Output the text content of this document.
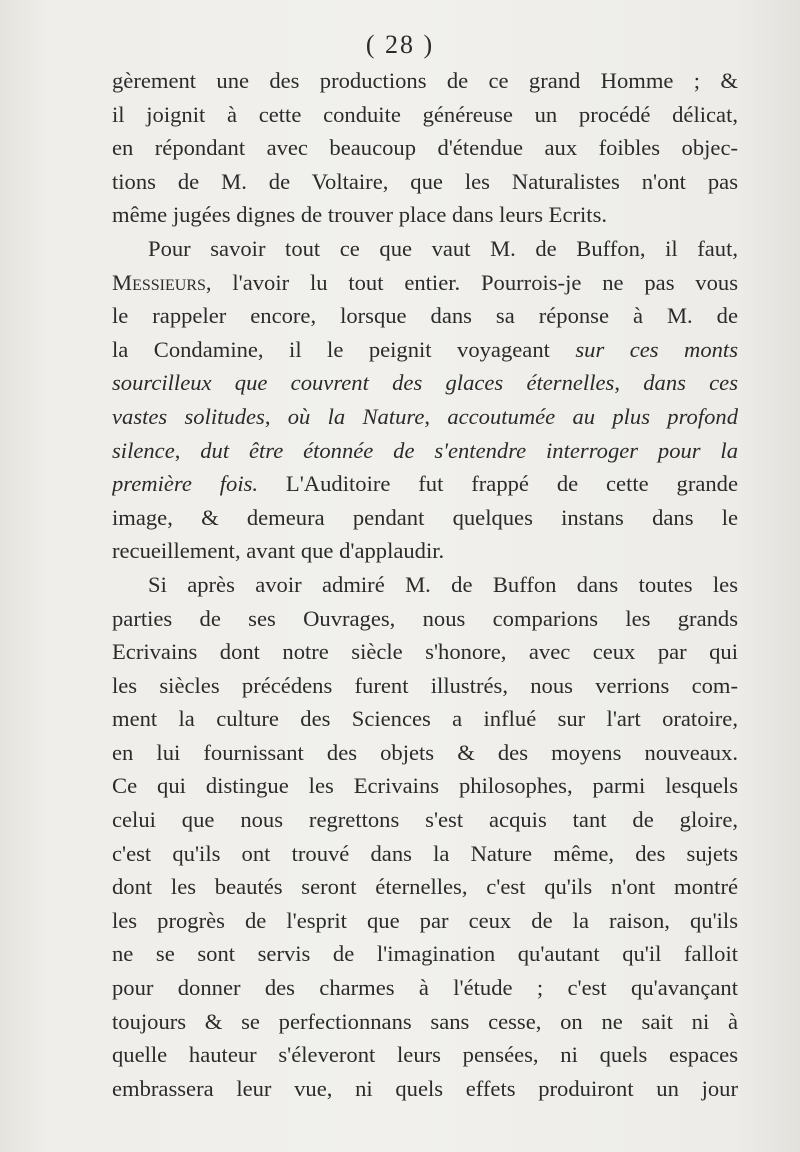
( 28 )
gèrement une des productions de ce grand Homme ; &
il joignit à cette conduite généreuse un procédé délicat,
en répondant avec beaucoup d'étendue aux foibles objec-
tions de M. de Voltaire, que les Naturalistes n'ont pas
même jugées dignes de trouver place dans leurs Ecrits.
Pour savoir tout ce que vaut M. de Buffon, il faut,
Messieurs, l'avoir lu tout entier. Pourrois-je ne pas vous
le rappeler encore, lorsque dans sa réponse à M. de
la Condamine, il le peignit voyageant sur ces monts
sourcilleux que couvrent des glaces éternelles, dans ces
vastes solitudes, où la Nature, accoutumée au plus profond
silence, dut être étonnée de s'entendre interroger pour la
première fois. L'Auditoire fut frappé de cette grande
image, & demeura pendant quelques instans dans le
recueillement, avant que d'applaudir.
Si après avoir admiré M. de Buffon dans toutes les
parties de ses Ouvrages, nous comparions les grands
Ecrivains dont notre siècle s'honore, avec ceux par qui
les siècles précédens furent illustrés, nous verrions com-
ment la culture des Sciences a influé sur l'art oratoire,
en lui fournissant des objets & des moyens nouveaux.
Ce qui distingue les Ecrivains philosophes, parmi lesquels
celui que nous regrettons s'est acquis tant de gloire,
c'est qu'ils ont trouvé dans la Nature même, des sujets
dont les beautés seront éternelles, c'est qu'ils n'ont montré
les progrès de l'esprit que par ceux de la raison, qu'ils
ne se sont servis de l'imagination qu'autant qu'il falloit
pour donner des charmes à l'étude ; c'est qu'avançant
toujours & se perfectionnans sans cesse, on ne sait ni à
quelle hauteur s'éleveront leurs pensées, ni quels espaces
embrassera leur vue, ni quels effets produiront un jour
